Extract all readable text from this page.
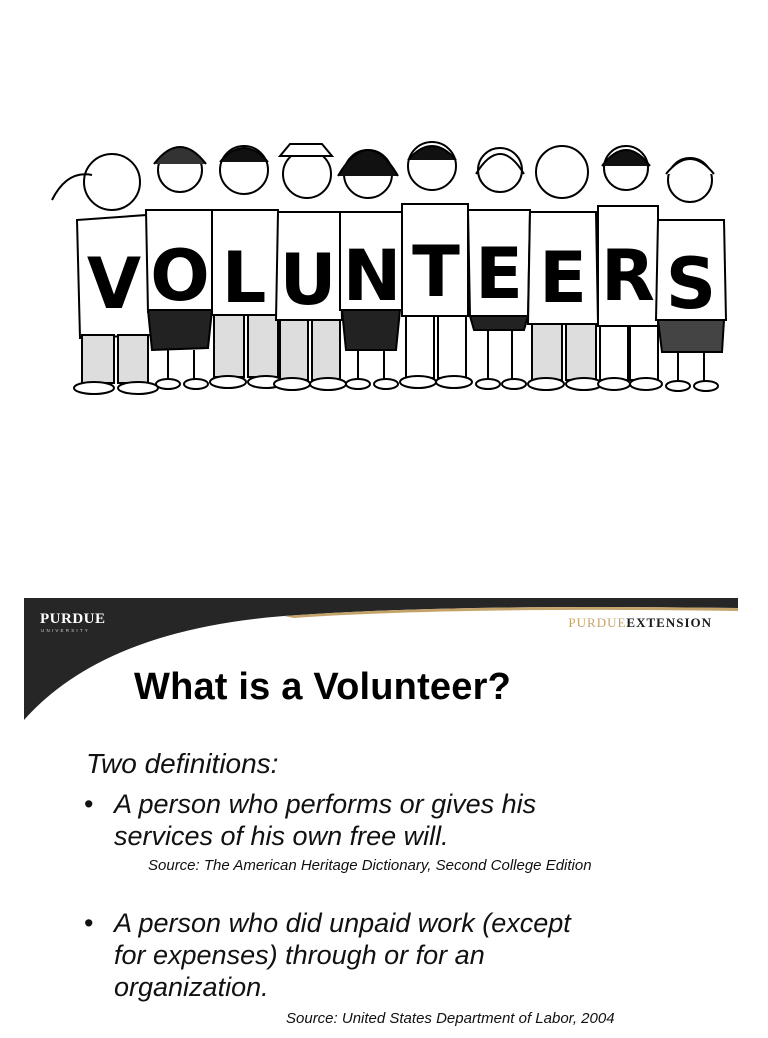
V O L U N T E E R S
PURDUE
UNIVERSITY
PURDUEEXTENSION
What is a Volunteer?
Two definitions:
• A person who performs or gives his
services of his own free will.
Source: The American Heritage Dictionary, Second College Edition
• A person who did unpaid work (except
for expenses) through or for an
organization.
Source: United States Department of Labor, 2004
